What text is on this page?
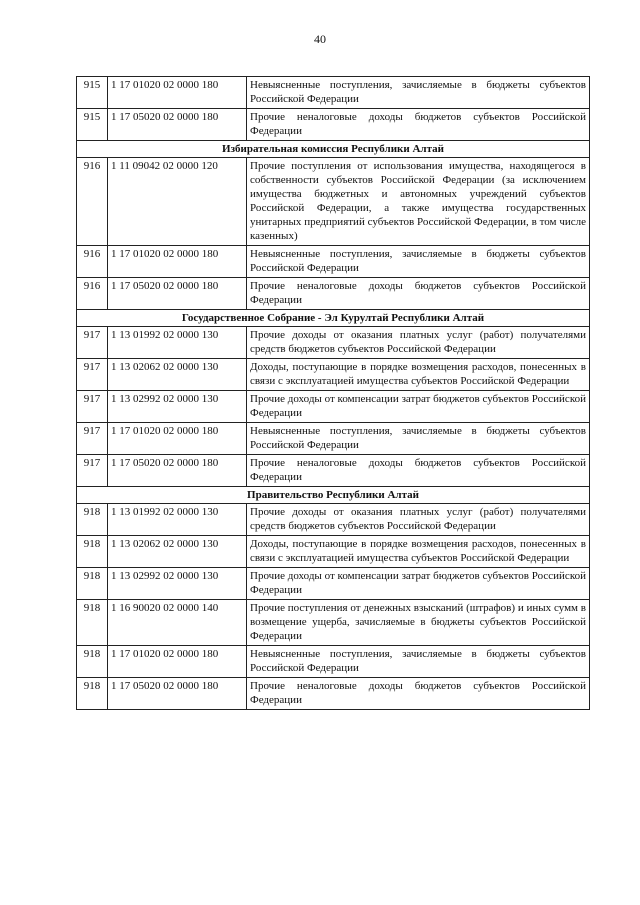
40
915	1 17 01020 02 0000 180	Невыясненные поступления, зачисляемые в бюджеты субъектов Российской Федерации
915	1 17 05020 02 0000 180	Прочие неналоговые доходы бюджетов субъектов Российской Федерации
Избирательная комиссия Республики Алтай		
916	1 11 09042 02 0000 120	Прочие поступления от использования имущества, находящегося в собственности субъектов Российской Федерации (за исключением имущества бюджетных и автономных учреждений субъектов Российской Федерации, а также имущества государственных унитарных предприятий субъектов Российской Федерации, в том числе казенных)
916	1 17 01020 02 0000 180	Невыясненные поступления, зачисляемые в бюджеты субъектов Российской Федерации
916	1 17 05020 02 0000 180	Прочие неналоговые доходы бюджетов субъектов Российской Федерации
Государственное Собрание - Эл Курултай Республики Алтай		
917	1 13 01992 02 0000 130	Прочие доходы от оказания платных услуг (работ) получателями средств бюджетов субъектов Российской Федерации
917	1 13 02062 02 0000 130	Доходы, поступающие в порядке возмещения расходов, понесенных в связи с эксплуатацией имущества субъектов Российской Федерации
917	1 13 02992 02 0000 130	Прочие доходы от компенсации затрат бюджетов субъектов Российской Федерации
917	1 17 01020 02 0000 180	Невыясненные поступления, зачисляемые в бюджеты субъектов Российской Федерации
917	1 17 05020 02 0000 180	Прочие неналоговые доходы бюджетов субъектов Российской Федерации
Правительство Республики Алтай		
918	1 13 01992 02 0000 130	Прочие доходы от оказания платных услуг (работ) получателями средств бюджетов субъектов Российской Федерации
918	1 13 02062 02 0000 130	Доходы, поступающие в порядке возмещения расходов, понесенных в связи с эксплуатацией имущества субъектов Российской Федерации
918	1 13 02992 02 0000 130	Прочие доходы от компенсации затрат бюджетов субъектов Российской Федерации
918	1 16 90020 02 0000 140	Прочие поступления от денежных взысканий (штрафов) и иных сумм в возмещение ущерба, зачисляемые в бюджеты субъектов Российской Федерации
918	1 17 01020 02 0000 180	Невыясненные поступления, зачисляемые в бюджеты субъектов Российской Федерации
918	1 17 05020 02 0000 180	Прочие неналоговые доходы бюджетов субъектов Российской Федерации
